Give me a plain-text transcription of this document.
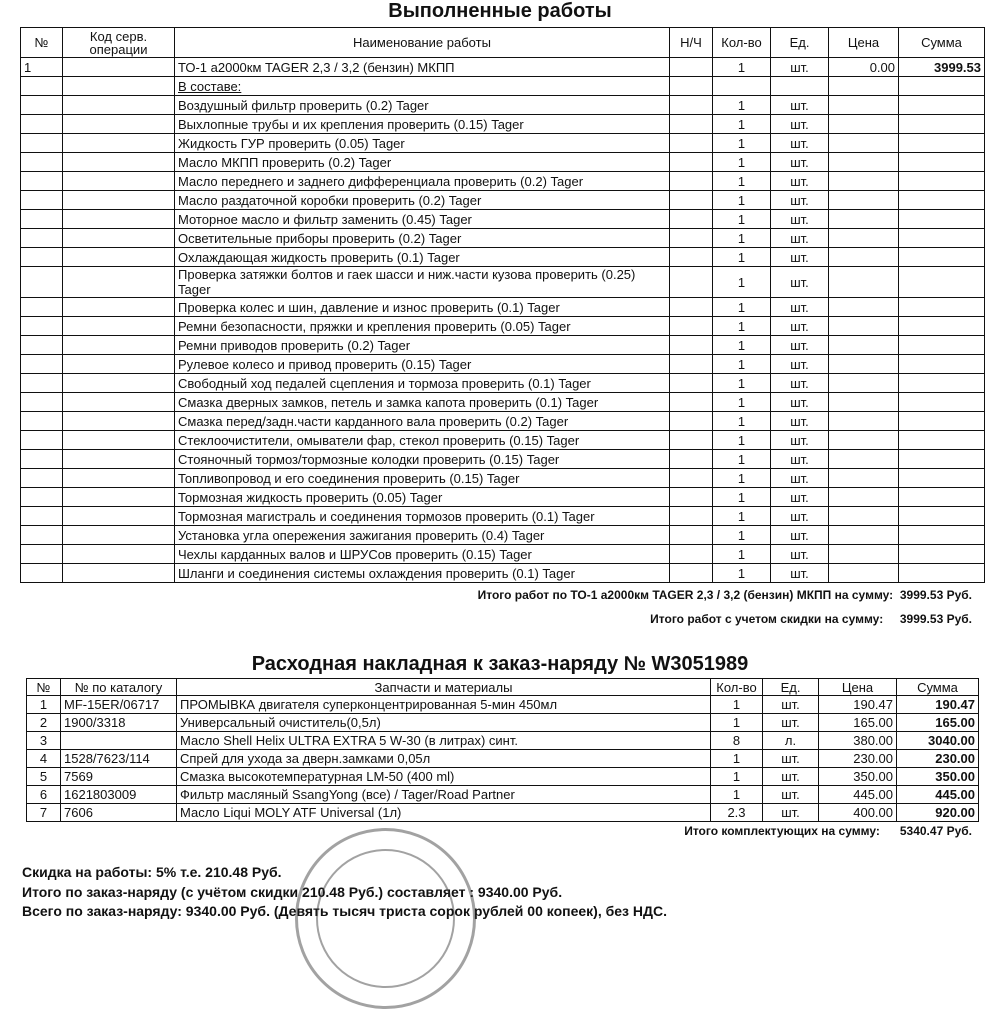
Выполненные работы
№	Код серв. операции	Наименование работы	Н/Ч	Кол-во	Ед.	Цена	Сумма
1		ТО-1 а2000км TAGER 2,3 / 3,2 (бензин) МКПП		1	шт.	0.00	3999.53
		В составе:					
		Воздушный фильтр проверить (0.2) Tager		1	шт.		
		Выхлопные трубы и их крепления проверить (0.15) Tager		1	шт.		
		Жидкость ГУР проверить (0.05) Tager		1	шт.		
		Масло МКПП проверить (0.2) Tager		1	шт.		
		Масло переднего и заднего дифференциала проверить (0.2) Tager		1	шт.		
		Масло раздаточной коробки проверить (0.2) Tager		1	шт.		
		Моторное масло и фильтр заменить (0.45) Tager		1	шт.		
		Осветительные приборы проверить (0.2) Tager		1	шт.		
		Охлаждающая жидкость проверить (0.1) Tager		1	шт.		
		Проверка затяжки болтов и гаек шасси и ниж.части кузова проверить (0.25) Tager		1	шт.		
		Проверка колес и шин, давление и износ проверить (0.1) Tager		1	шт.		
		Ремни безопасности, пряжки и крепления проверить (0.05) Tager		1	шт.		
		Ремни приводов проверить (0.2) Tager		1	шт.		
		Рулевое колесо и привод проверить (0.15) Tager		1	шт.		
		Свободный ход педалей сцепления и тормоза проверить (0.1) Tager		1	шт.		
		Смазка дверных замков, петель и замка капота проверить (0.1) Tager		1	шт.		
		Смазка перед/задн.части карданного вала проверить (0.2) Tager		1	шт.		
		Стеклоочистители, омыватели фар, стекол проверить (0.15) Tager		1	шт.		
		Стояночный тормоз/тормозные колодки проверить (0.15) Tager		1	шт.		
		Топливопровод и его соединения проверить (0.15) Tager		1	шт.		
		Тормозная жидкость проверить (0.05) Tager		1	шт.		
		Тормозная магистраль и соединения тормозов проверить (0.1) Tager		1	шт.		
		Установка угла опережения зажигания проверить (0.4) Tager		1	шт.		
		Чехлы карданных валов и ШРУСов проверить (0.15) Tager		1	шт.		
		Шланги и соединения системы охлаждения проверить (0.1) Tager		1	шт.		
Итого работ по ТО-1 а2000км TAGER 2,3 / 3,2 (бензин) МКПП на сумму: 3999.53 Руб.
Итого работ с учетом скидки на сумму: 3999.53 Руб.
Расходная накладная к заказ-наряду № W3051989
№	№ по каталогу	Запчасти и материалы	Кол-во	Ед.	Цена	Сумма
1	MF-15ER/06717	ПРОМЫВКА двигателя суперконцентрированная 5-мин 450мл	1	шт.	190.47	190.47
2	1900/3318	Универсальный очиститель(0,5л)	1	шт.	165.00	165.00
3		Масло Shell Helix ULTRA EXTRA 5 W-30 (в литрах) синт.	8	л.	380.00	3040.00
4	1528/7623/114	Спрей для ухода за дверн.замками 0,05л	1	шт.	230.00	230.00
5	7569	Смазка высокотемпературная LM-50 (400 ml)	1	шт.	350.00	350.00
6	1621803009	Фильтр масляный SsangYong (все) / Tager/Road Partner	1	шт.	445.00	445.00
7	7606	Масло Liqui MOLY ATF Universal (1л)	2.3	шт.	400.00	920.00
Итого комплектующих на сумму: 5340.47 Руб.
Скидка на работы: 5% т.е. 210.48 Руб.
Итого по заказ-наряду (с учётом скидки 210.48 Руб.) составляет : 9340.00 Руб.
Всего по заказ-наряду: 9340.00 Руб. (Девять тысяч триста сорок рублей 00 копеек), без НДС.
